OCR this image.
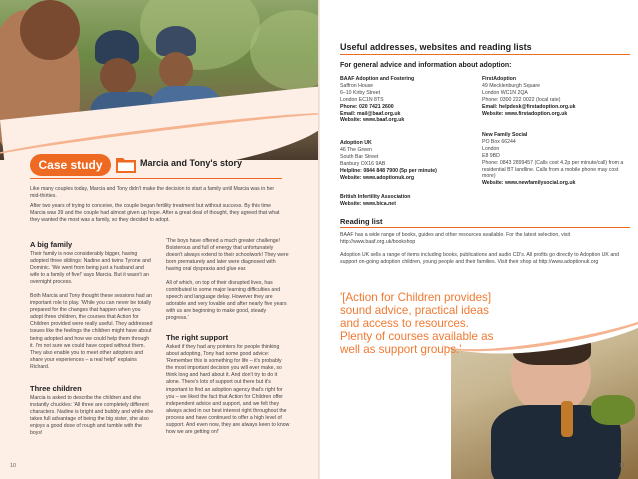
Case study	Marcia and Tony's story
Like many couples today, Marcia and Tony didn't make the decision to start a family until Marcia was in her mid-thirties.
After two years of trying to conceive, the couple began fertility treatment but without success. By this time Marcia was 39 and the couple had almost given up hope. After a great deal of thought, they agreed that what they wanted the most was a family, so they decided to adopt.
A big family
Their family is now considerably bigger, having adopted three siblings: Nadine and twins Tyrone and Dominic. 'We went from being just a husband and wife to a family of five!' says Marcia. But it wasn't an overnight process.
Both Marcia and Tony thought these sessions had an important role to play. 'While you can never be totally prepared for the changes that happen when you adopt three children, the courses that Action for Children provided were really useful. They addressed issues like the feelings the children might have about being adopted and how we could help them through it. I'm not sure we could have coped without them. They also enable you to meet other adopters and share your experiences – a real help!' explains Richard.
Three children
Marcia is asked to describe the children and she instantly chuckles: 'All three are completely different characters. Nadine is bright and bubbly and while she takes full advantage of being the big sister, she also enjoys a good dose of rough and tumble with the boys!
'The boys have offered a much greater challenge! Boisterous and full of energy that unfortunately doesn't always extend to their schoolwork! They were born prematurely and later were diagnosed with having oral dyspraxia and glue ear.
All of which, on top of their disrupted lives, has contributed to some major learning difficulties and speech and language delay. However they are adorable and very lovable and after nearly five years with us are beginning to make good, steady progress.'
The right support
Asked if they had any pointers for people thinking about adopting, Tony had some good advice: 'Remember this is something for life – it's probably the most important decision you will ever make, so think long and hard about it. And don't try to do it alone. There's lots of support out there but it's important to find an adoption agency that's right for you – we liked the fact that Action for Children offer independent advice and support, and we felt they always acted in our best interest right throughout the process and have continued to offer a high level of support. And even now, they are always keen to know how we are getting on!'
10
Useful addresses, websites and reading lists
For general advice and information about adoption:
BAAF Adoption and Fostering
Saffron House
6–10 Kirby Street
London EC1N 8TS
Phone: 020 7421 2600
Email: mail@baaf.org.uk
Website: www.baaf.org.uk
Adoption UK
46 The Green
South Bar Street
Banbury OX16 9AB
Helpline: 0844 848 7900 (5p per minute)
Website: www.adoptionuk.org
British Infertility Association
Website: www.bica.net
FirstAdoption
49 Mecklenburgh Square
London WC1N 2QA
Phone: 0300 222 0022 (local rate)
Email: helpdesk@firstadoption.org.uk
Website: www.firstadoption.org.uk
New Family Social
PO Box 66244
London
E8 9BD
Phone: 0843 2899457 (Calls cost 4.2p per minute/call) from a residential BT landline. Calls from a mobile phone may cost more)
Website: www.newfamilysocial.org.uk
Reading list
BAAF has a wide range of books, guides and other resources available. For the latest selection, visit http://www.baaf.org.uk/bookshop
Adoption UK sells a range of items including books, publications and audio CD's. All profits go directly to Adoption UK and support on-going adoption children, young people and their families. Visit their shop at http://www.adoptionuk.org
'[Action for Children provides] sound advice, practical ideas and access to resources. Plenty of courses available as well as support groups.'
11
